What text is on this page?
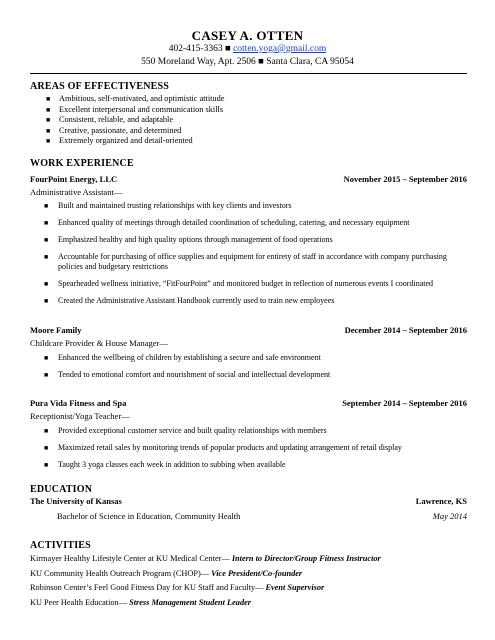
CASEY A. OTTEN
402-415-3363 ■ cotten.yoga@gmail.com
550 Moreland Way, Apt. 2506 ■ Santa Clara, CA 95054
AREAS OF EFFECTIVENESS
■ Ambitious, self-motivated, and optimistic attitude
■ Excellent interpersonal and communication skills
■ Consistent, reliable, and adaptable
■ Creative, passionate, and determined
■ Extremely organized and detail-oriented
WORK EXPERIENCE
FourPoint Energy, LLC	November 2015 – September 2016
Administrative Assistant—
■ Built and maintained trusting relationships with key clients and investors
■ Enhanced quality of meetings through detailed coordination of scheduling, catering, and necessary equipment
■ Emphasized healthy and high quality options through management of food operations
■ Accountable for purchasing of office supplies and equipment for entirety of staff in accordance with company purchasing policies and budgetary restrictions
■ Spearheaded wellness initiative, “FitFourPoint” and monitored budget in reflection of numerous events I coordinated
■ Created the Administrative Assistant Handbook currently used to train new employees
Moore Family	December 2014 – September 2016
Childcare Provider & House Manager—
■ Enhanced the wellbeing of children by establishing a secure and safe environment
■ Tended to emotional comfort and nourishment of social and intellectual development
Pura Vida Fitness and Spa	September 2014 – September 2016
Receptionist/Yoga Teacher—
■ Provided exceptional customer service and built quality relationships with members
■ Maximized retail sales by monitoring trends of popular products and updating arrangement of retail display
■ Taught 3 yoga classes each week in addition to subbing when available
EDUCATION
The University of Kansas	Lawrence, KS
Bachelor of Science in Education, Community Health	May 2014
ACTIVITIES
Kirmayer Healthy Lifestyle Center at KU Medical Center— Intern to Director/Group Fitness Instructor
KU Community Health Outreach Program (CHOP)— Vice President/Co-founder
Robinson Center’s Feel Good Fitness Day for KU Staff and Faculty— Event Supervisor
KU Peer Health Education— Stress Management Student Leader
